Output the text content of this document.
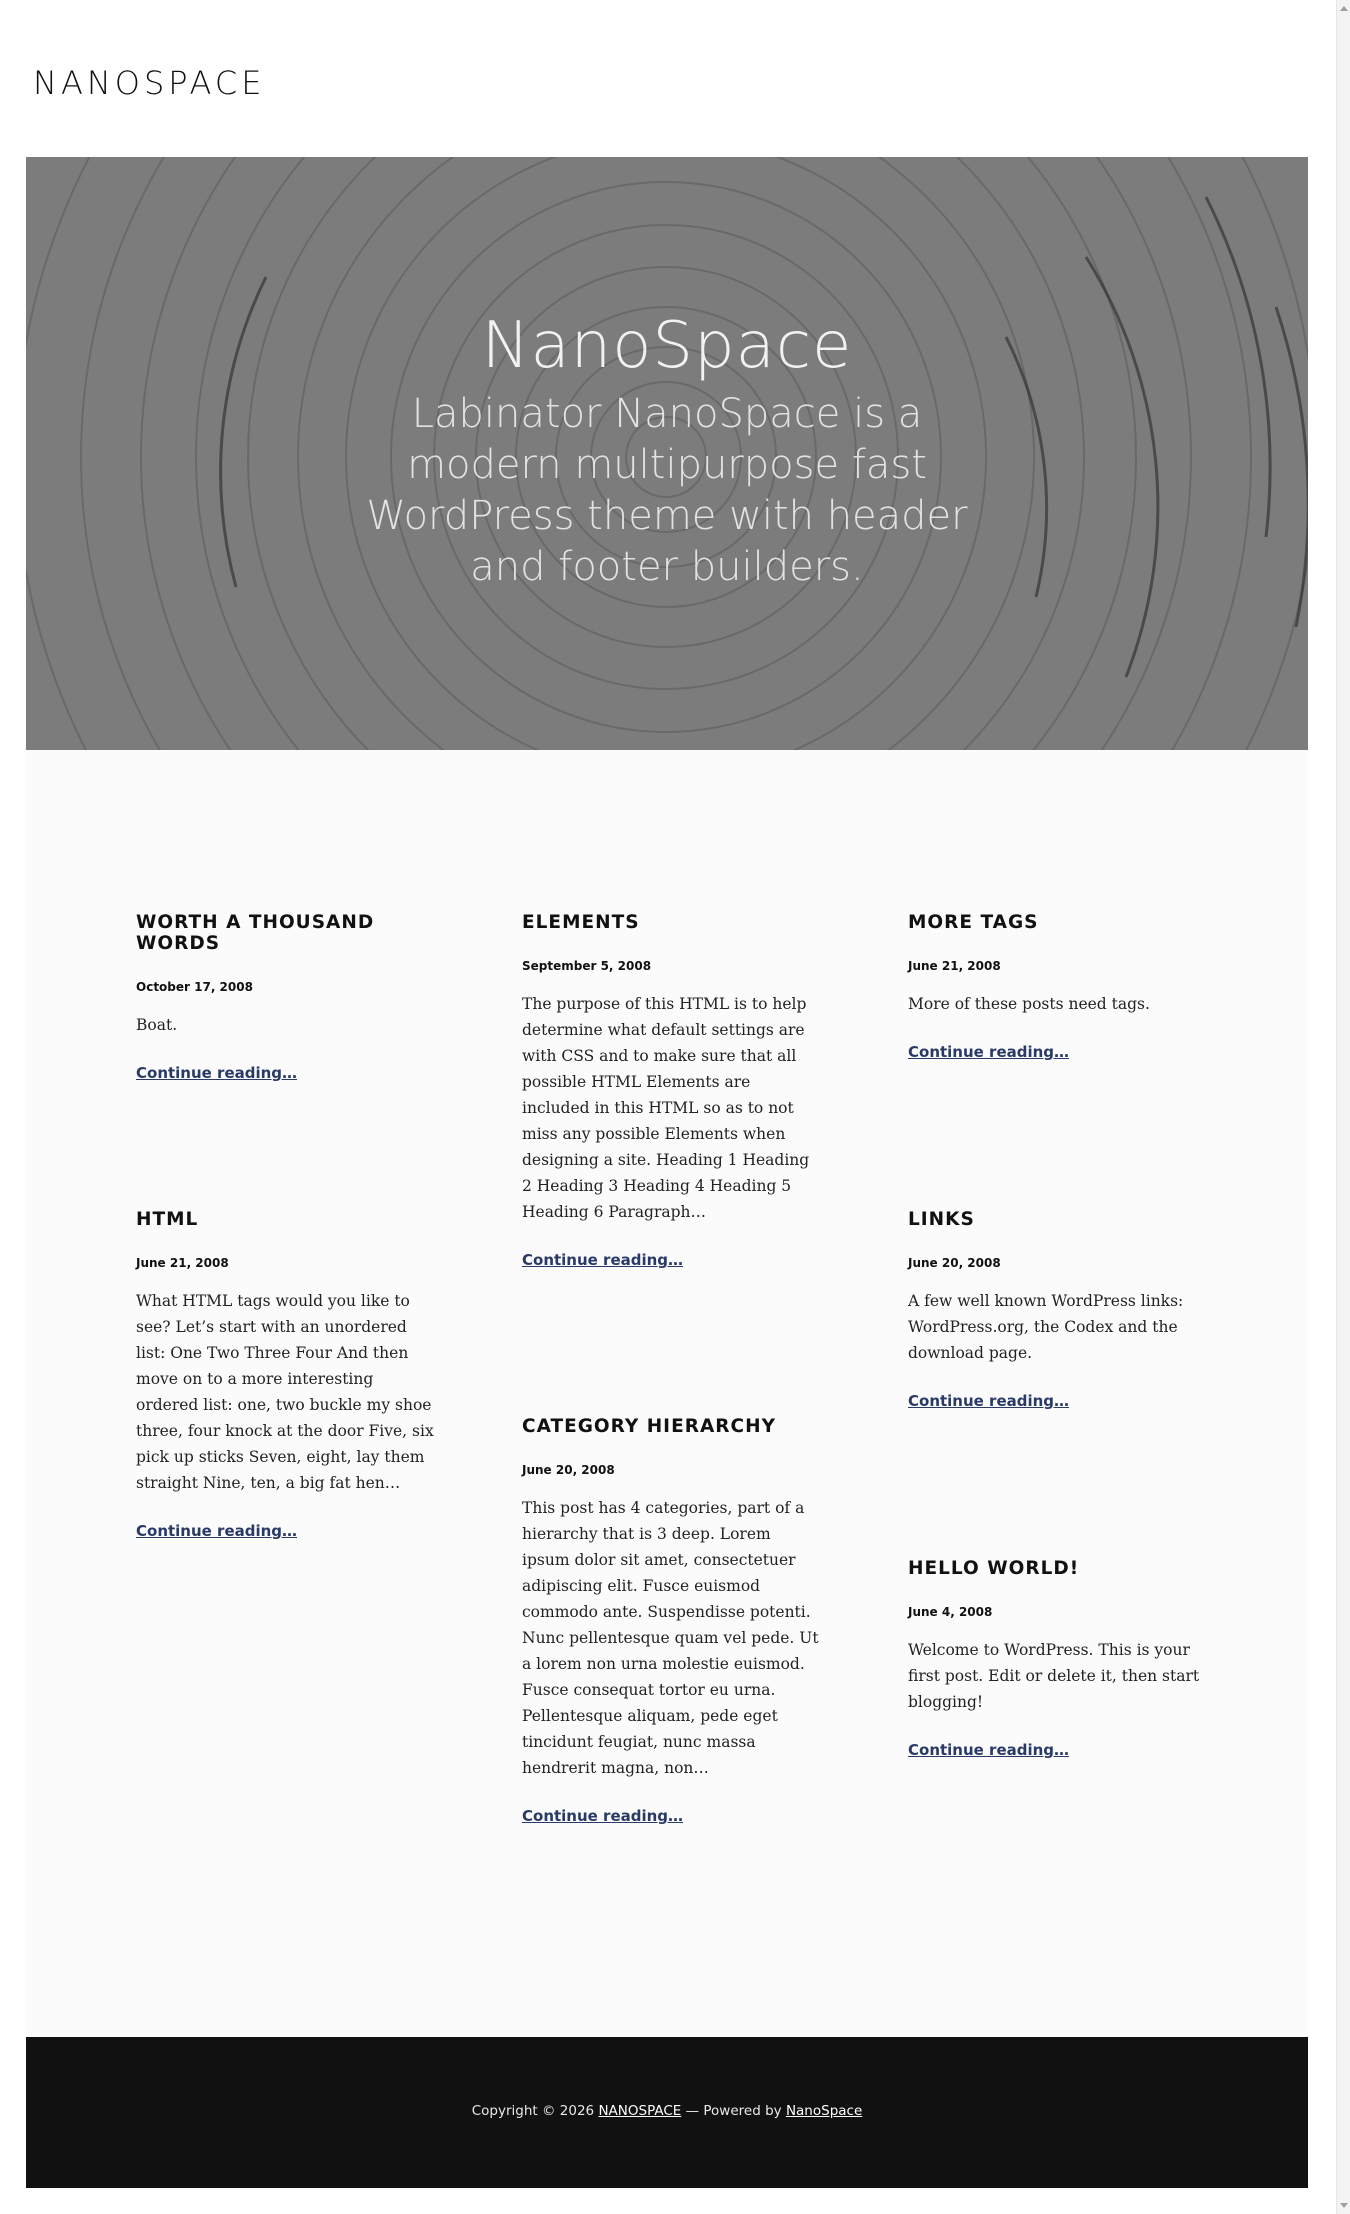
NANOSPACE
NanoSpace

Labinator NanoSpace is a modern multipurpose fast WordPress theme with header and footer builders.

WORTH A THOUSAND WORDS
October 17, 2008

Boat.

Continue reading…
ELEMENTS
September 5, 2008

The purpose of this HTML is to help determine what default settings are with CSS and to make sure that all possible HTML Elements are included in this HTML so as to not miss any possible Elements when designing a site. Heading 1 Heading 2 Heading 3 Heading 4 Heading 5 Heading 6 Paragraph…

Continue reading…
MORE TAGS
June 21, 2008

More of these posts need tags.

Continue reading…
HTML
June 21, 2008

What HTML tags would you like to see? Let’s start with an unordered list: One Two Three Four And then move on to a more interesting ordered list: one, two buckle my shoe three, four knock at the door Five, six pick up sticks Seven, eight, lay them straight Nine, ten, a big fat hen…

Continue reading…
LINKS
June 20, 2008

A few well known WordPress links: WordPress.org, the Codex and the download page.

Continue reading…
CATEGORY HIERARCHY
June 20, 2008

This post has 4 categories, part of a hierarchy that is 3 deep. Lorem ipsum dolor sit amet, consectetuer adipiscing elit. Fusce euismod commodo ante. Suspendisse potenti. Nunc pellentesque quam vel pede. Ut a lorem non urna molestie euismod. Fusce consequat tortor eu urna. Pellentesque aliquam, pede eget tincidunt feugiat, nunc massa hendrerit magna, non…

Continue reading…
HELLO WORLD!
June 4, 2008

Welcome to WordPress. This is your first post. Edit or delete it, then start blogging!

Continue reading…

Copyright © 2026 NANOSPACE — Powered by NanoSpace
